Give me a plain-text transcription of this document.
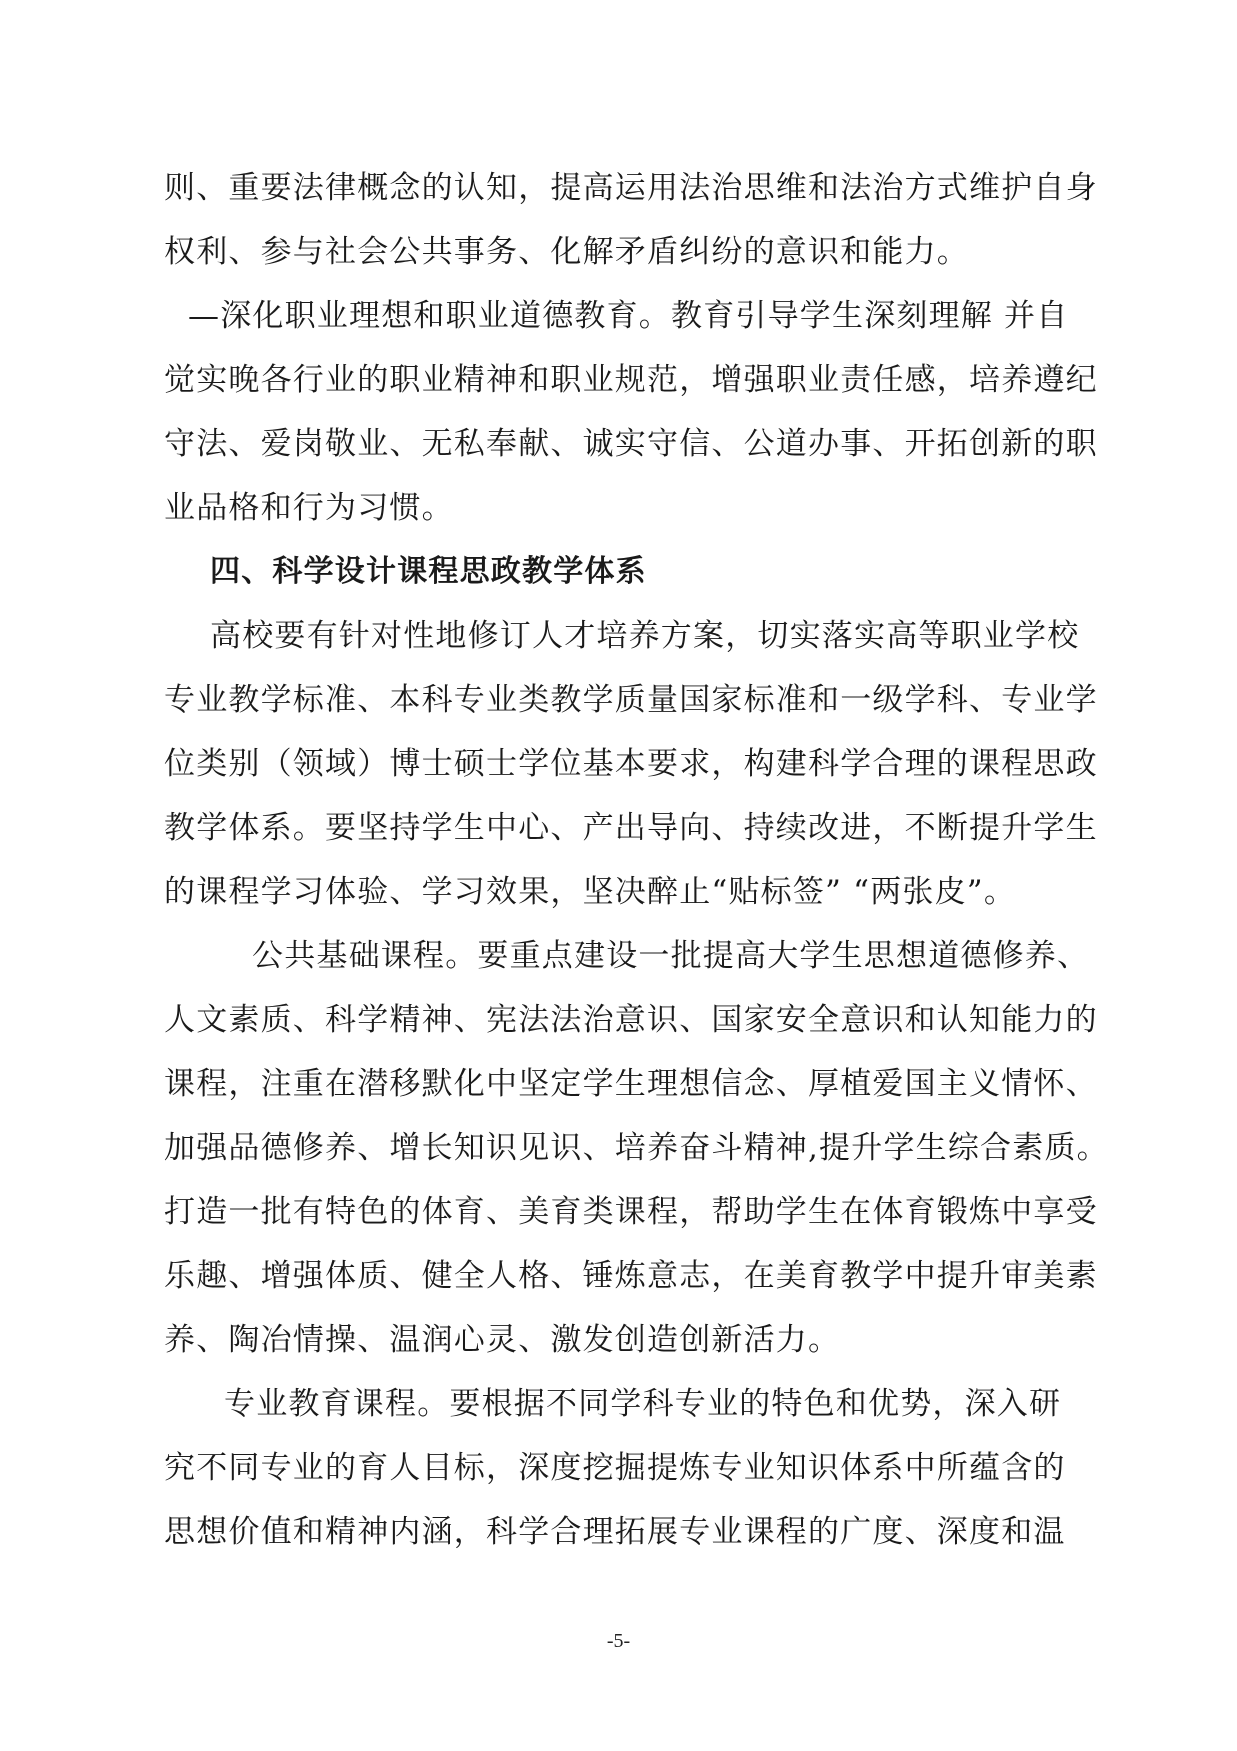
则、重要法律概念的认知，提高运用法治思维和法治方式维护自身
权利、参与社会公共事务、化解矛盾纠纷的意识和能力。
—深化职业理想和职业道德教育。教育引导学生深刻理解 并自
觉实晚各行业的职业精神和职业规范，增强职业责任感，培养遵纪
守法、爱岗敬业、无私奉献、诚实守信、公道办事、开拓创新的职
业品格和行为习惯。
四、科学设计课程思政教学体系
高校要有针对性地修订人才培养方案，切实落实高等职业学校
专业教学标准、本科专业类教学质量国家标准和一级学科、专业学
位类别（领域）博士硕士学位基本要求，构建科学合理的课程思政
教学体系。要坚持学生中心、产出导向、持续改进，不断提升学生
的课程学习体验、学习效果，坚决醉止“贴标签” “两张皮”。
公共基础课程。要重点建设一批提高大学生思想道德修养、
人文素质、科学精神、宪法法治意识、国家安全意识和认知能力的
课程，注重在潜移默化中坚定学生理想信念、厚植爱国主义情怀、
加强品德修养、增长知识见识、培养奋斗精神,提升学生综合素质。
打造一批有特色的体育、美育类课程，帮助学生在体育锻炼中享受
乐趣、增强体质、健全人格、锤炼意志，在美育教学中提升审美素
养、陶冶情操、温润心灵、激发创造创新活力。
专业教育课程。要根据不同学科专业的特色和优势，深入研
究不同专业的育人目标，深度挖掘提炼专业知识体系中所蕴含的
思想价值和精神内涵，科学合理拓展专业课程的广度、深度和温
-5-
